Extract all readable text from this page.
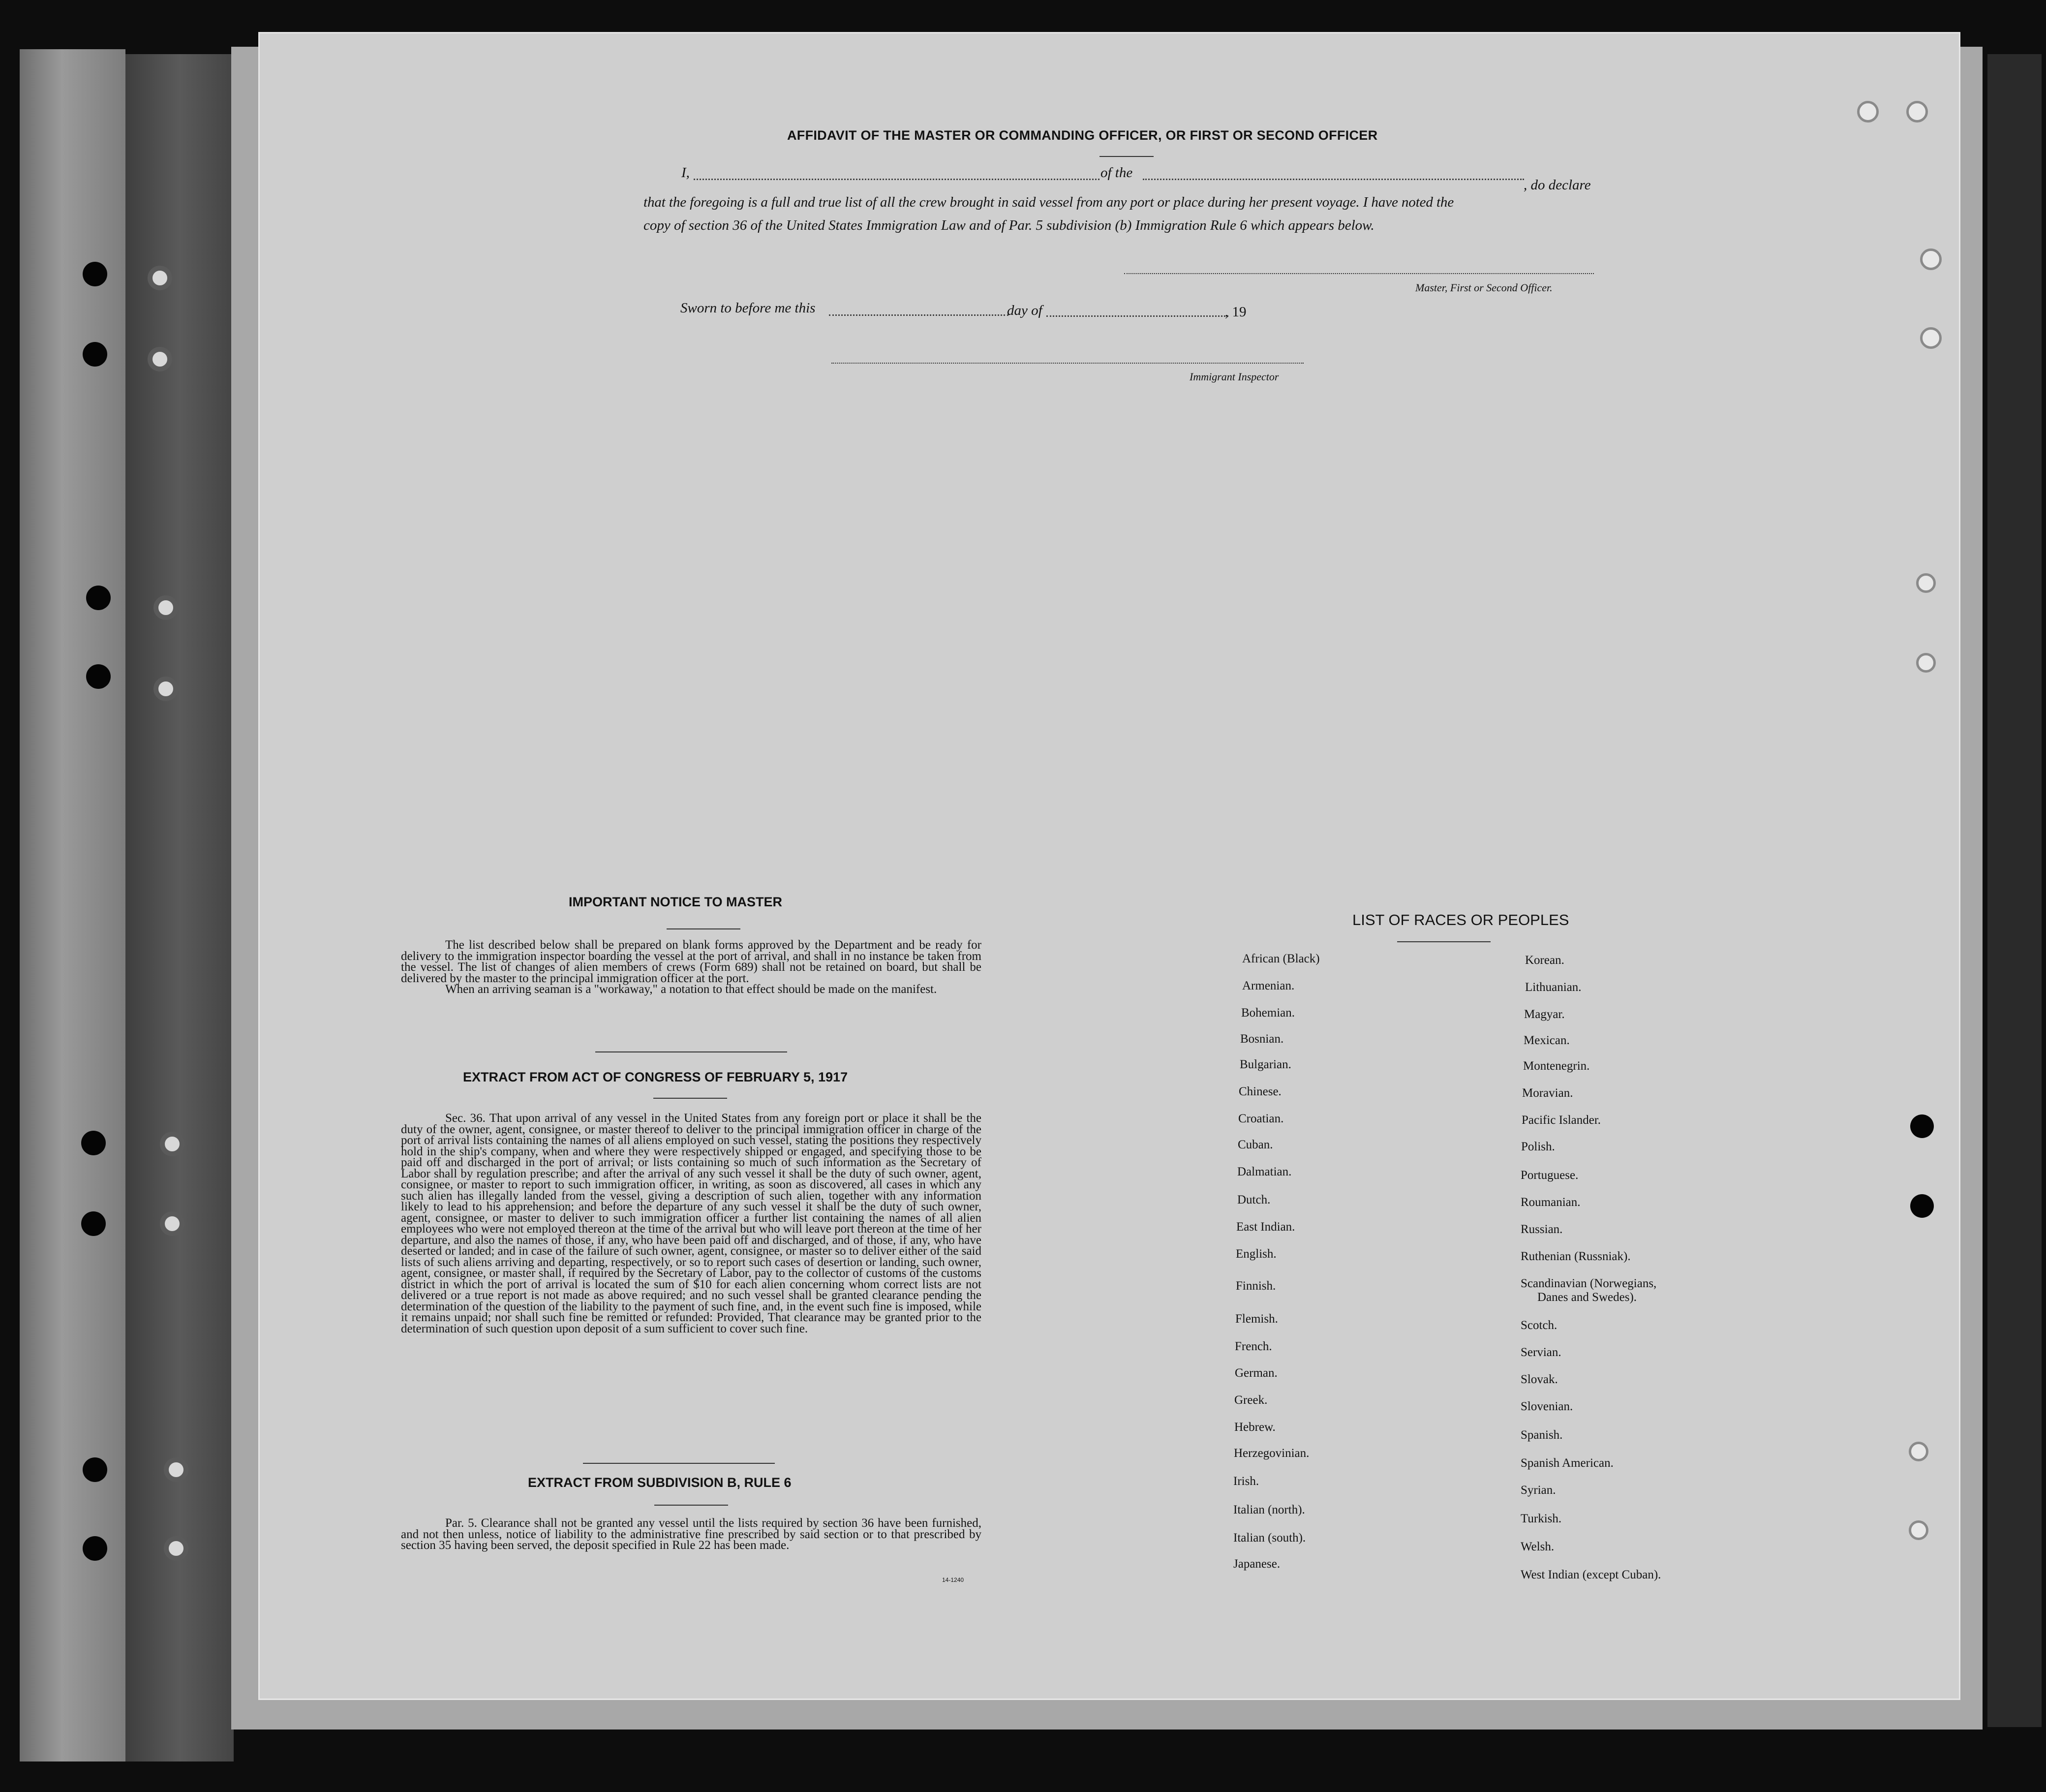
AFFIDAVIT OF THE MASTER OR COMMANDING OFFICER, OR FIRST OR SECOND OFFICER
I,	of the
, do declare
that the foregoing is a full and true list of all the crew brought in said vessel from any port or place during her present voyage. I have noted the
copy of section 36 of the United States Immigration Law and of Par. 5 subdivision (b) Immigration Rule 6 which appears below.
Master, First or Second Officer.
Sworn to before me this	day of	, 19
Immigrant Inspector
IMPORTANT NOTICE TO MASTER

The list described below shall be prepared on blank forms approved by the Department and be ready for delivery to the immigration inspector boarding the vessel at the port of arrival, and shall in no instance be taken from the vessel. The list of changes of alien members of crews (Form 689) shall not be retained on board, but shall be delivered by the master to the principal immigration officer at the port.

When an arriving seaman is a "workaway," a notation to that effect should be made on the manifest.

EXTRACT FROM ACT OF CONGRESS OF FEBRUARY 5, 1917

Sec. 36. That upon arrival of any vessel in the United States from any foreign port or place it shall be the duty of the owner, agent, consignee, or master thereof to deliver to the principal immigration officer in charge of the port of arrival lists containing the names of all aliens employed on such vessel, stating the positions they respectively hold in the ship's company, when and where they were respectively shipped or engaged, and specifying those to be paid off and discharged in the port of arrival; or lists containing so much of such information as the Secretary of Labor shall by regulation prescribe; and after the arrival of any such vessel it shall be the duty of such owner, agent, consignee, or master to report to such immigration officer, in writing, as soon as discovered, all cases in which any such alien has illegally landed from the vessel, giving a description of such alien, together with any information likely to lead to his apprehension; and before the departure of any such vessel it shall be the duty of such owner, agent, consignee, or master to deliver to such immigration officer a further list containing the names of all alien employees who were not employed thereon at the time of the arrival but who will leave port thereon at the time of her departure, and also the names of those, if any, who have been paid off and discharged, and of those, if any, who have deserted or landed; and in case of the failure of such owner, agent, consignee, or master so to deliver either of the said lists of such aliens arriving and departing, respectively, or so to report such cases of desertion or landing, such owner, agent, consignee, or master shall, if required by the Secretary of Labor, pay to the collector of customs of the customs district in which the port of arrival is located the sum of $10 for each alien concerning whom correct lists are not delivered or a true report is not made as above required; and no such vessel shall be granted clearance pending the determination of the question of the liability to the payment of such fine, and, in the event such fine is imposed, while it remains unpaid; nor shall such fine be remitted or refunded: Provided, That clearance may be granted prior to the determination of such question upon deposit of a sum sufficient to cover such fine.

EXTRACT FROM SUBDIVISION B, RULE 6

Par. 5. Clearance shall not be granted any vessel until the lists required by section 36 have been furnished, and not then unless, notice of liability to the administrative fine prescribed by said section or to that prescribed by section 35 having been served, the deposit specified in Rule 22 has been made.

14-1240
LIST OF RACES OR PEOPLES
African (Black)
Armenian.
Bohemian.
Bosnian.
Bulgarian.
Chinese.
Croatian.
Cuban.
Dalmatian.
Dutch.
East Indian.
English.
Finnish.
Flemish.
French.
German.
Greek.
Hebrew.
Herzegovinian.
Irish.
Italian (north).
Italian (south).
Japanese.
Korean.
Lithuanian.
Magyar.
Mexican.
Montenegrin.
Moravian.
Pacific Islander.
Polish.
Portuguese.
Roumanian.
Russian.
Ruthenian (Russniak).
Scandinavian (Norwegians,
Danes and Swedes).
Scotch.
Servian.
Slovak.
Slovenian.
Spanish.
Spanish American.
Syrian.
Turkish.
Welsh.
West Indian (except Cuban).
